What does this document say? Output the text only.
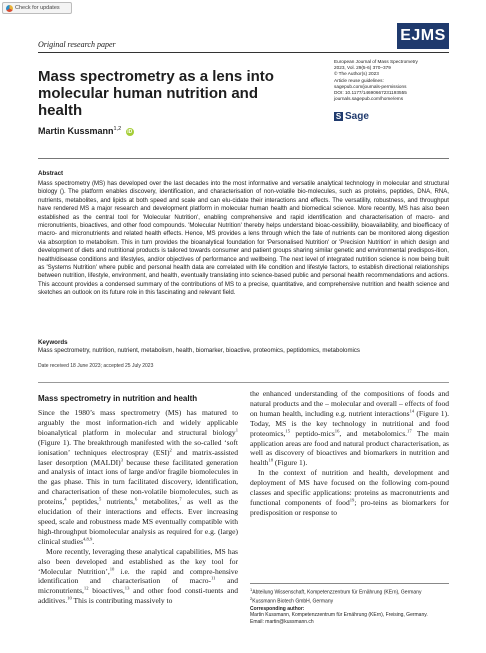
Check for updates
Original research paper
EJMS
Mass spectrometry as a lens into molecular human nutrition and health
European Journal of Mass Spectrometry
2023, Vol. 29(5-6) 370–379
© The Author(s) 2023
Article reuse guidelines:
sagepub.com/journals-permissions
DOI: 10.1177/14690667231193555
journals.sagepub.com/home/ems
S Sage
Martin Kussmann$^{1,2}$ iD
Abstract
Mass spectrometry (MS) has developed over the last decades into the most informative and versatile analytical technology in molecular and structural biology (). The platform enables discovery, identification, and characterisation of non-volatile bio-molecules, such as proteins, peptides, DNA, RNA, nutrients, metabolites, and lipids at both speed and scale and can elu-cidate their interactions and effects. The versatility, robustness, and throughput have rendered MS a major research and development platform in molecular human health and biomedical science. More recently, MS has also been established as the central tool for 'Molecular Nutrition', enabling comprehensive and rapid identification and characterisation of macro- and micronutrients, bioactives, and other food compounds. 'Molecular Nutrition' thereby helps understand bioac-cessibility, bioavailability, and bioefficacy of macro- and micronutrients and related health effects. Hence, MS provides a lens through which the fate of nutrients can be monitored along digestion via absorption to metabolism. This in turn provides the bioanalytical foundation for 'Personalised Nutrition' or 'Precision Nutrition' in which design and development of diets and nutritional products is tailored towards consumer and patient groups sharing similar genetic and environmental predispos-ition, health/disease conditions and lifestyles, and/or objectives of performance and wellbeing. The next level of integrated nutrition science is now being built as 'Systems Nutrition' where public and personal health data are correlated with life condition and lifestyle factors, to establish directional relationships between nutrition, lifestyle, environment, and health, eventually translating into science-based public and personal health recommendations and actions. This account provides a condensed summary of the contributions of MS to a precise, quantitative, and comprehensive nutrition and health science and sketches an outlook on its future role in this fascinating and relevant field.
Keywords
Mass spectrometry, nutrition, nutrient, metabolism, health, biomarker, bioactive, proteomics, peptidomics, metabolomics
Date received 18 June 2023; accepted 25 July 2023
Mass spectrometry in nutrition and health

Since the 1980’s mass spectrometry (MS) has matured to arguably the most information-rich and widely applicable bioanalytical platform in molecular and structural biology$^1$ (Figure 1). The breakthrough manifested with the so-called ‘soft ionisation’ techniques electrospray (ESI)$^2$ and matrix-assisted laser desorption (MALDI)$^3$ because these facilitated generation and analysis of intact ions of large and/or fragile biomolecules in the gas phase. This in turn facilitated discovery, identification, and characterisation of these non-volatile biomolecules, such as proteins,$^4$ peptides,$^5$ nutrients,$^6$ metabolites,$^7$ as well as the elucidation of their interactions and effects. Ever increasing speed, scale and robustness made MS eventually compatible with high-throughput biomolecular analysis as required for e.g. (large) clinical studies$^{4,8,9}$.

More recently, leveraging these analytical capabilities, MS has also been developed and established as the key tool for ‘Molecular Nutrition’,$^{10}$ i.e. the rapid and compre-hensive identification and characterisation of macro-$^{11}$ and micronutrients,$^{12}$ bioactives,$^{13}$ and other food consti-tuents and additives.$^{10}$ This is contributing massively to

the enhanced understanding of the compositions of foods and natural products and the – molecular and overall – effects of food on human health, including e.g. nutrient interactions$^{14}$ (Figure 1). Today, MS is the key technology in nutritional and food proteomics,$^{15}$ peptido-mics$^{16}$, and metabolomics.$^{17}$ The main application areas are food and natural product characterisation, as well as discovery of bioactives and biomarkers in nutrition and health$^{18}$ (Figure 1).

In the context of nutrition and health, development and deployment of MS have focused on the following com-pound classes and specific applications: proteins as macronutrients and functional components of food$^{19}$; pro-teins as biomarkers for predisposition or response to

$^1$Abteilung Wissenschaft, Kompetenzzentrum für Ernährung (KErn), Germany
$^2$Kussmann Biotech GmbH, Germany
Corresponding author:
Martin Kussmann, Kompetenzzentrum für Ernährung (KErn), Freising, Germany.
Email: martin@kussmann.ch
